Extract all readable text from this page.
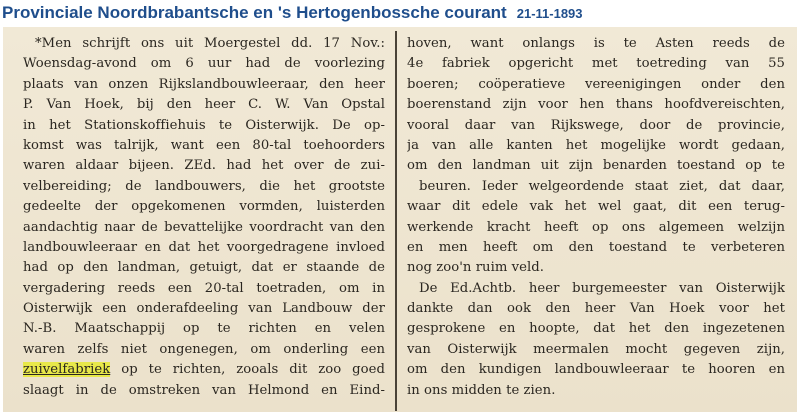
Provinciale Noordbrabantsche en 's Hertogenbossche courant 21-11-1893
*Men schrijft ons uit Moergestel dd. 17 Nov.:
Woensdag-avond om 6 uur had de voorlezing
plaats van onzen Rijkslandbouwleeraar, den heer
P. Van Hoek, bij den heer C. W. Van Opstal
in het Stationskoffiehuis te Oisterwijk. De op-
komst was talrijk, want een 80-tal toehoorders
waren aldaar bijeen. ZEd. had het over de zui-
velbereiding; de landbouwers, die het grootste
gedeelte der opgekomenen vormden, luisterden
aandachtig naar de bevattelijke voordracht van den
landbouwleeraar en dat het voorgedragene invloed
had op den landman, getuigt, dat er staande de
vergadering reeds een 20-tal toetraden, om in
Oisterwijk een onderafdeeling van Landbouw der
N.-B. Maatschappij op te richten en velen
waren zelfs niet ongenegen, om onderling een
zuivelfabriek op te richten, zooals dit zoo goed
slaagt in de omstreken van Helmond en Eind-
hoven, want onlangs is te Asten reeds de
4e fabriek opgericht met toetreding van 55
boeren; coöperatieve vereenigingen onder den
boerenstand zijn voor hen thans hoofdvereischten,
vooral daar van Rijkswege, door de provincie,
ja van alle kanten het mogelijke wordt gedaan,
om den landman uit zijn benarden toestand op te
beuren. Ieder welgeordende staat ziet, dat daar,
waar dit edele vak het wel gaat, dit een terug-
werkende kracht heeft op ons algemeen welzijn
en men heeft om den toestand te verbeteren
nog zoo'n ruim veld.
De Ed.Achtb. heer burgemeester van Oisterwijk
dankte dan ook den heer Van Hoek voor het
gesprokene en hoopte, dat het den ingezetenen
van Oisterwijk meermalen mocht gegeven zijn,
om den kundigen landbouwleeraar te hooren en
in ons midden te zien.
